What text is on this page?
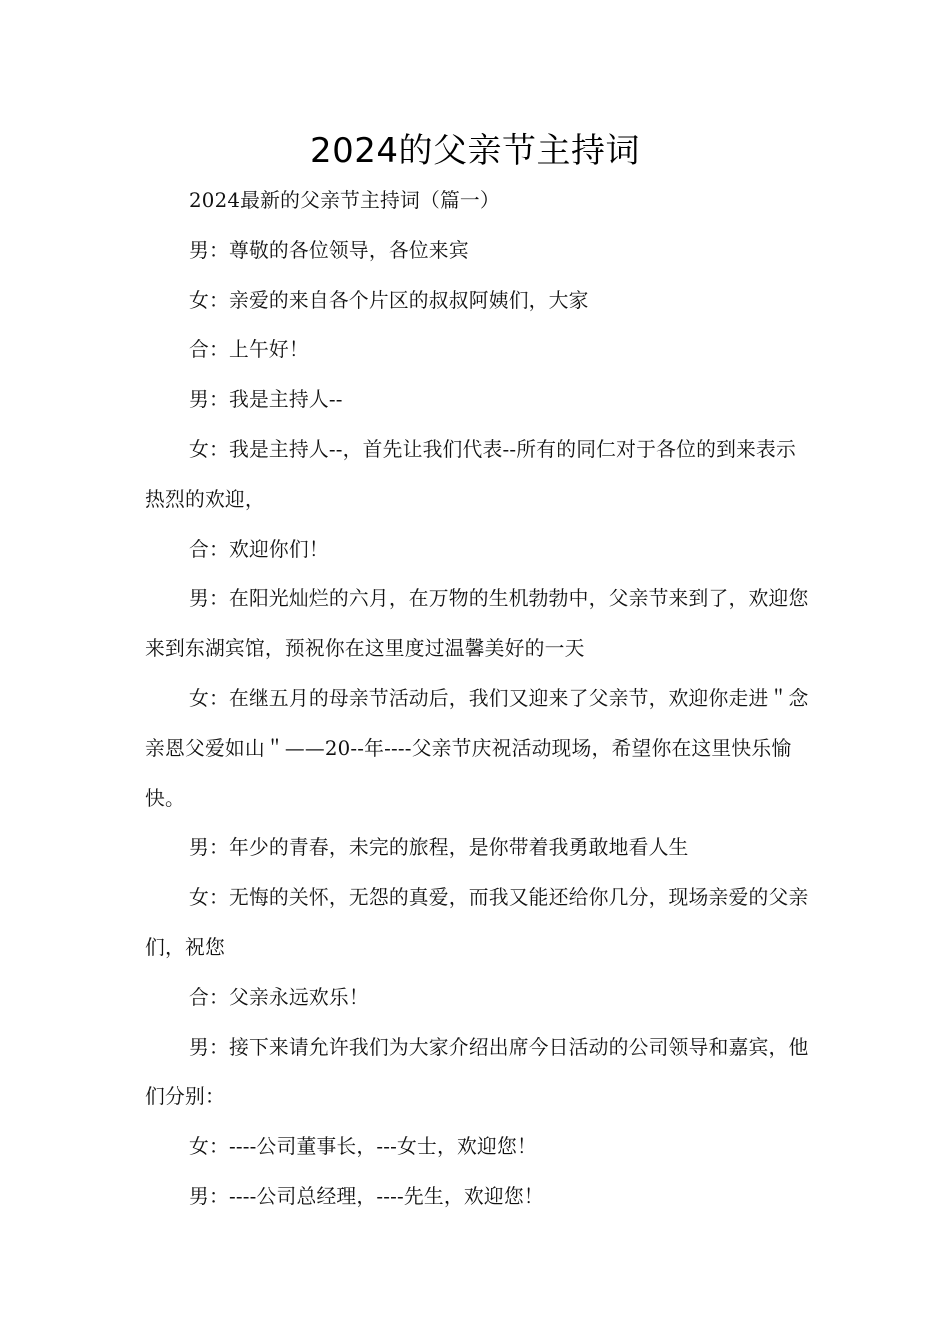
2024的父亲节主持词

2024最新的父亲节主持词（篇一）

男：尊敬的各位领导，各位来宾

女：亲爱的来自各个片区的叔叔阿姨们，大家

合：上午好！

男：我是主持人--

女：我是主持人--，首先让我们代表--所有的同仁对于各位的到来表示热烈的欢迎，

合：欢迎你们！

男：在阳光灿烂的六月，在万物的生机勃勃中，父亲节来到了，欢迎您来到东湖宾馆，预祝你在这里度过温馨美好的一天

女：在继五月的母亲节活动后，我们又迎来了父亲节，欢迎你走进＂念亲恩父爱如山＂——20--年----父亲节庆祝活动现场，希望你在这里快乐愉快。

男：年少的青春，未完的旅程，是你带着我勇敢地看人生

女：无悔的关怀，无怨的真爱，而我又能还给你几分，现场亲爱的父亲们，祝您

合：父亲永远欢乐！

男：接下来请允许我们为大家介绍出席今日活动的公司领导和嘉宾，他们分别：

女：----公司董事长，---女士，欢迎您！

男：----公司总经理，----先生，欢迎您！
